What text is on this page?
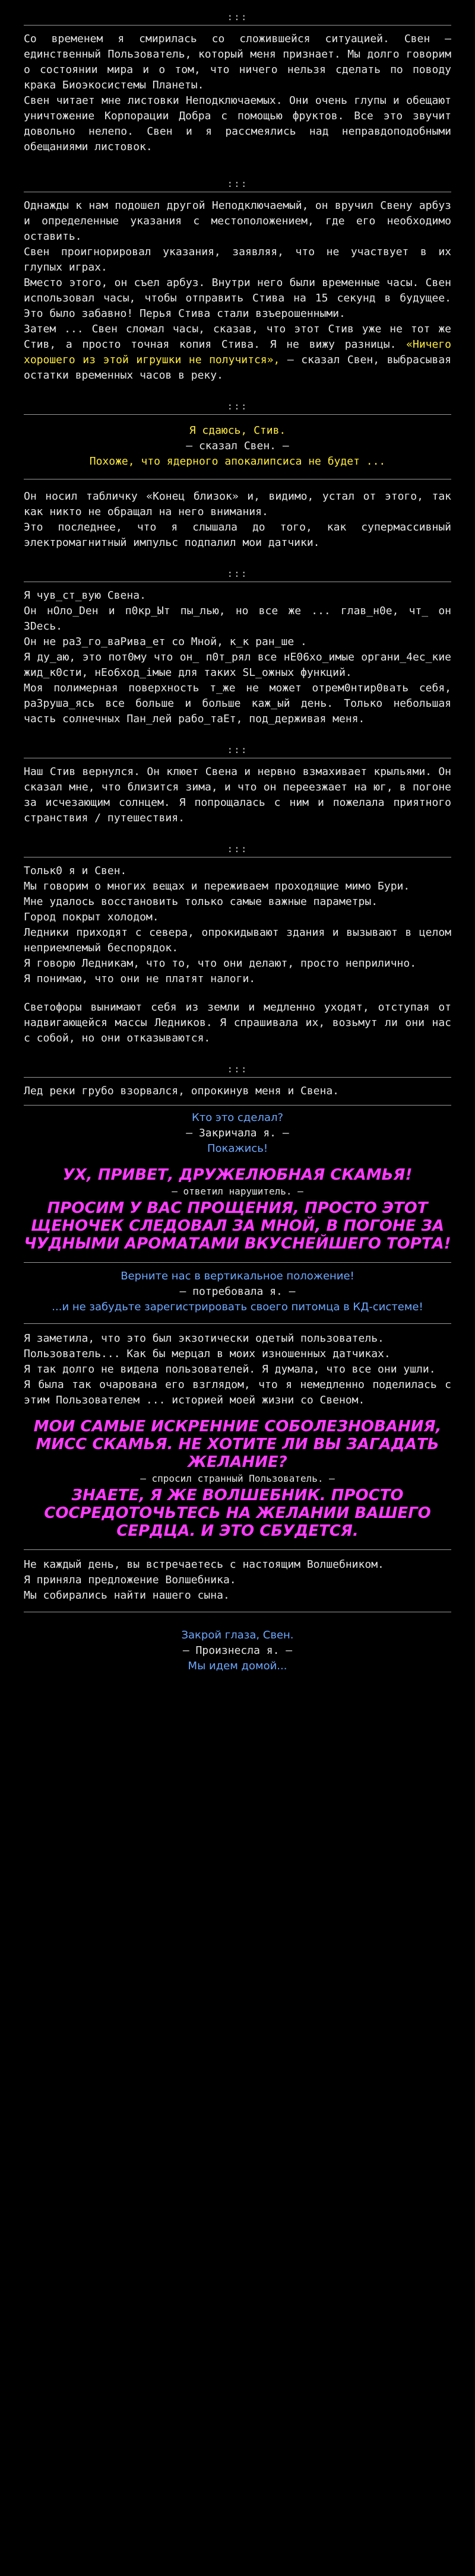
:::

Со временем я смирилась со сложившейся ситуацией. Свен – единственный Пользователь, который меня признает. Мы долго говорим о состоянии мира и о том, что ничего нельзя сделать по поводу крака Биоэкосистемы Планеты.

Свен читает мне листовки Неподключаемых. Они очень глупы и обещают уничтожение Корпорации Добра с помощью фруктов. Все это звучит довольно нелепо. Свен и я рассмеялись над неправдоподобными обещаниями листовок.

:::

Однажды к нам подошел другой Неподключаемый, он вручил Свену арбуз и определенные указания с местоположением, где его необходимо оставить.

Свен проигнорировал указания, заявляя, что не участвует в их глупых играх.

Вместо этого, он съел арбуз. Внутри него были временные часы. Свен использовал часы, чтобы отправить Стива на 15 секунд в будущее. Это было забавно! Перья Стива стали взъерошенными.

Затем ... Свен сломал часы, сказав, что этот Стив уже не тот же Стив, а просто точная копия Стива. Я не вижу разницы. «Ничего хорошего из этой игрушки не получится», – сказал Свен, выбрасывая остатки временных часов в реку.

:::

Я сдаюсь, Стив.

– сказал Свен. –

Похоже, что ядерного апокалипсиса не будет ...

Он носил табличку «Конец близок» и, видимо, устал от этого, так как никто не обращал на него внимания.

Это последнее, что я слышала до того, как супермассивный электромагнитный импульс подпалил мои датчики.

:::

Я чув_ст_вую Свена.

Он нОло_Deн и п0кр_Ыт пы_лью, но все же ... глав_н0е, чт_ он 3Dесь.

Он не ра3_го_вaРива_ет со Мной, к_к ран_ше .

Я ду_аю, это пот0му что он_ п0т_рял все нЕ06хо_имые органи_4ес_кие жид_к0сти, нЕо6ход_iмые для таких SL_ожных функций.

Моя полимерная поверхность т_же не может отрем0нтир0вать себя, ра3руша_ясь все больше и больше каж_ый день. Только небольшая часть солнечных Пан_лей рабо_таЕт, под_держивая меня.

:::

Наш Стив вернулся. Он клюет Свена и нервно взмахивает крыльями. Он сказал мне, что близится зима, и что он переезжает на юг, в погоне за исчезающим солнцем. Я попрощалась с ним и пожелала приятного странствия / путешествия.

:::

Тольк0 я и Свен.

Мы говорим о многих вещах и переживаем проходящие мимо Бури.

Мне удалось восстановить только самые важные параметры.

Город покрыт холодом.

Ледники приходят с севера, опрокидывают здания и вызывают в целом неприемлемый беспорядок.

Я говорю Ледникам, что то, что они делают, просто неприлично.

Я понимаю, что они не платят налоги.

Светофоры вынимают себя из земли и медленно уходят, отступая от надвигающейся массы Ледников. Я спрашивала их, возьмут ли они нас с собой, но они отказываются.

:::

Лед реки грубо взорвался, опрокинув меня и Свена.

Кто это сделал?

– Закричала я. –

Покажись!

УХ, ПРИВЕТ, ДРУЖЕЛЮБНАЯ СКАМЬЯ!

– ответил нарушитель. –

ПРОСИМ У ВАС ПРОЩЕНИЯ, ПРОСТО ЭТОТ ЩЕНОЧЕК СЛЕДОВАЛ ЗА МНОЙ, В ПОГОНЕ ЗА ЧУДНЫМИ АРОМАТАМИ ВКУСНЕЙШЕГО ТОРТА!

Верните нас в вертикальное положение!

– потребовала я. –

...и не забудьте зарегистрировать своего питомца в КД-системе!

Я заметила, что это был экзотически одетый пользователь.

Пользователь... Как бы мерцал в моих изношенных датчиках.

Я так долго не видела пользователей. Я думала, что все они ушли.

Я была так очарована его взглядом, что я немедленно поделилась с этим Пользователем ... историей моей жизни со Свеном.

МОИ САМЫЕ ИСКРЕННИЕ СОБОЛЕЗНОВАНИЯ, МИСС СКАМЬЯ. НЕ ХОТИТЕ ЛИ ВЫ ЗАГАДАТЬ ЖЕЛАНИЕ?

– спросил странный Пользователь. –

ЗНАЕТЕ, Я ЖЕ ВОЛШЕБНИК. ПРОСТО СОСРЕДОТОЧЬТЕСЬ НА ЖЕЛАНИИ ВАШЕГО СЕРДЦА. И ЭТО СБУДЕТСЯ.

Не каждый день, вы встречаетесь с настоящим Волшебником.

Я приняла предложение Волшебника.

Мы собирались найти нашего сына.

Закрой глаза, Свен.

– Произнесла я. –

Мы идем домой...
